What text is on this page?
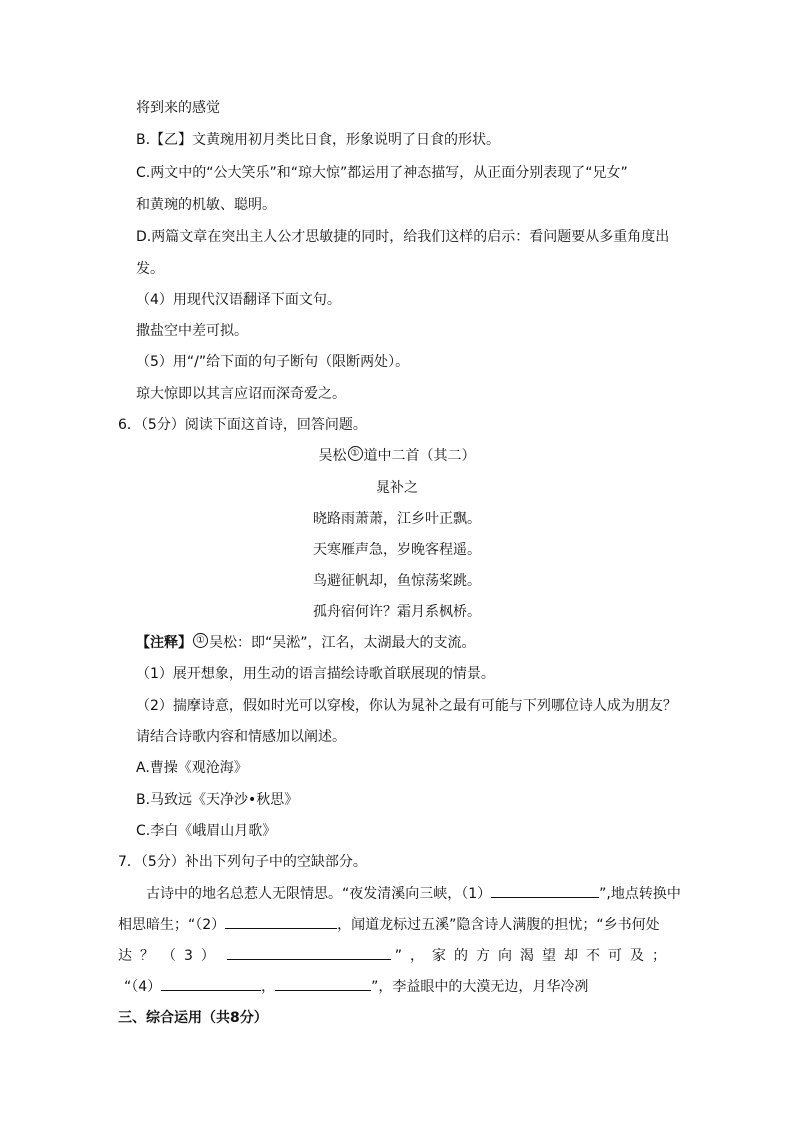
将到来的感觉
B.【乙】文黄琬用初月类比日食，形象说明了日食的形状。
C.两文中的“公大笑乐”和“琼大惊”都运用了神态描写，从正面分别表现了“兄女”
和黄琬的机敏、聪明。
D.两篇文章在突出主人公才思敏捷的同时，给我们这样的启示：看问题要从多重角度出
发。
（4）用现代汉语翻译下面文句。
撒盐空中差可拟。
（5）用“/”给下面的句子断句（限断两处）。
琼大惊即以其言应诏而深奇爱之。
6．（5分）阅读下面这首诗，回答问题。
吴松 ① 道中二首（其二）
晁补之
晓路雨萧萧，江乡叶正飘。
天寒雁声急，岁晚客程遥。
鸟避征帆却，鱼惊荡桨跳。
孤舟宿何许？霜月系枫桥。
【注释】 ① 吴松：即“吴淞”，江名，太湖最大的支流。
（1）展开想象，用生动的语言描绘诗歌首联展现的情景。
（2）揣摩诗意，假如时光可以穿梭，你认为晁补之最有可能与下列哪位诗人成为朋友？
请结合诗歌内容和情感加以阐述。
A.曹操《观沧海》
B.马致远《天净沙•秋思》
C.李白《峨眉山月歌》
7．（5分）补出下列句子中的空缺部分。
古诗中的地名总惹人无限情思。“夜发清溪向三峡，（1）	”,地点转换中
相思暗生；“（2）	，闻道龙标过五溪”隐含诗人满腹的担忧；“乡书何处
达？（3）	”，家的方向渴望却不可及；
“（4）	，	”，李益眼中的大漠无边，月华冷冽
三、综合运用（共8分）
